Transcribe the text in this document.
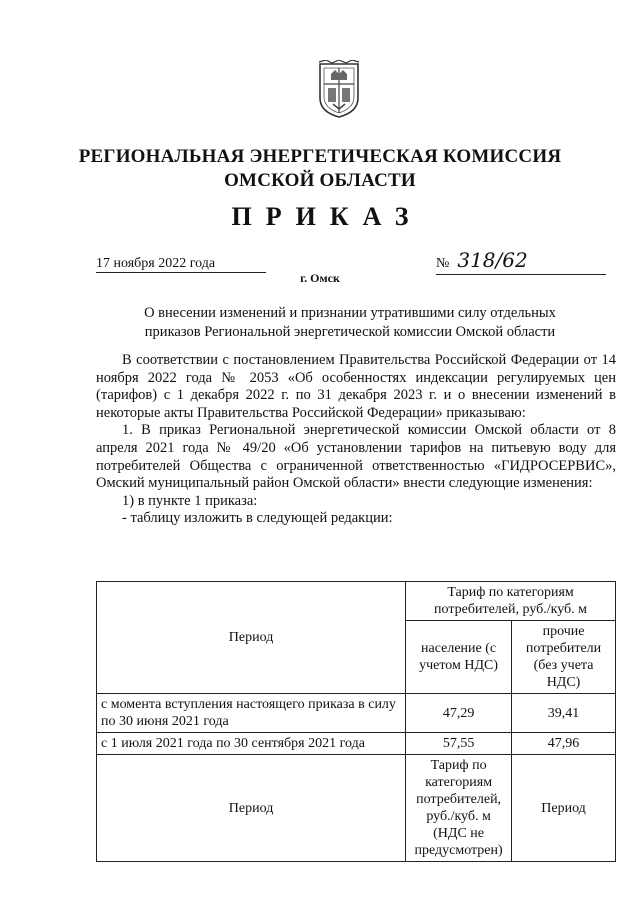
РЕГИОНАЛЬНАЯ ЭНЕРГЕТИЧЕСКАЯ КОМИССИЯ
ОМСКОЙ ОБЛАСТИ
ПРИКАЗ
17 ноября 2022 года	№ 318/62
г. Омск
О внесении изменений и признании утратившими силу отдельных приказов Региональной энергетической комиссии Омской области

В соответствии с постановлением Правительства Российской Федерации от 14 ноября 2022 года № 2053 «Об особенностях индексации регулируемых цен (тарифов) с 1 декабря 2022 г. по 31 декабря 2023 г. и о внесении изменений в некоторые акты Правительства Российской Федерации» приказываю:

1. В приказ Региональной энергетической комиссии Омской области от 8 апреля 2021 года № 49/20 «Об установлении тарифов на питьевую воду для потребителей Общества с ограниченной ответственностью «ГИДРОСЕРВИС», Омский муниципальный район Омской области» внести следующие изменения:

1) в пункте 1 приказа:

- таблицу изложить в следующей редакции:

Период	Тариф по категориям потребителей, руб./куб. м	
	население (с учетом НДС)	прочие потребители (без учета НДС)
с момента вступления настоящего приказа в силу по 30 июня 2021 года	47,29	39,41
с 1 июля 2021 года по 30 сентября 2021 года	57,55	47,96
Период	Тариф по категориям потребителей, руб./куб. м (НДС не предусмотрен)	Период
